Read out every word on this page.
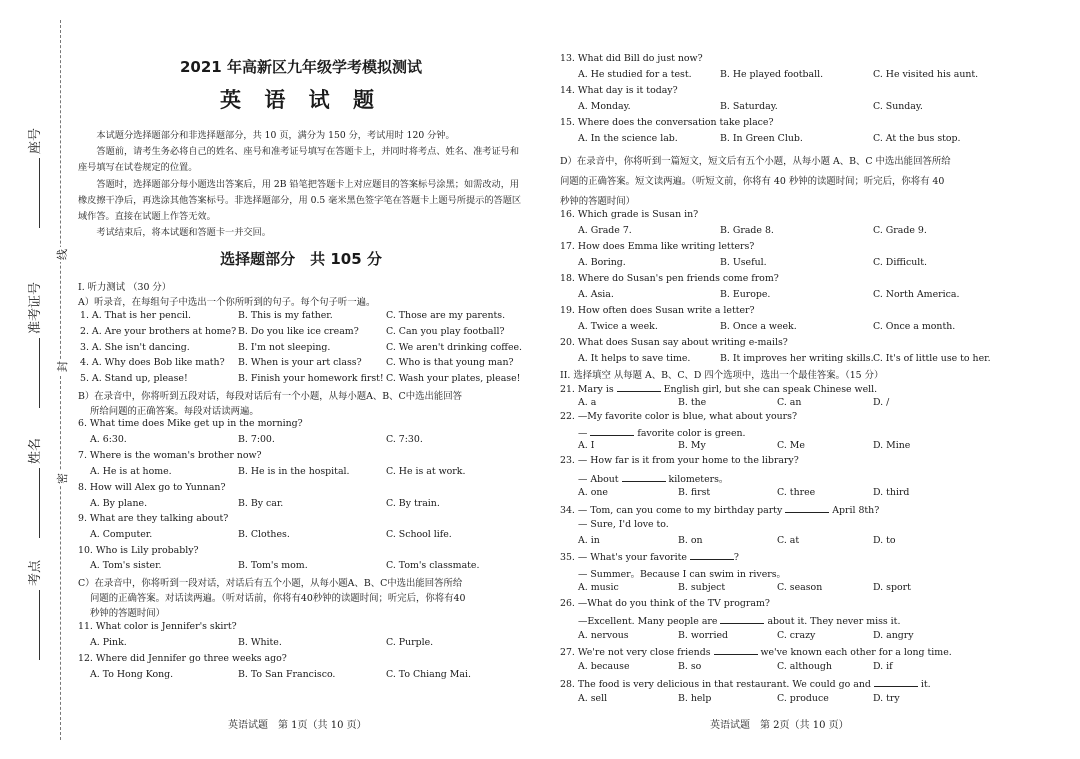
座号
准考证号
姓名
考点
线
封
密
2021 年高新区九年级学考模拟测试
英 语 试 题

本试题分选择题部分和非选择题部分，共 10 页，满分为 150 分，考试用时 120 分钟。

答题前，请考生务必将自己的姓名、座号和准考证号填写在答题卡上，并同时将考点、姓名、准考证号和座号填写在试卷规定的位置。

答题时，选择题部分每小题选出答案后，用 2B 铅笔把答题卡上对应题目的答案标号涂黑；如需改动，用橡皮擦干净后，再选涂其他答案标号。非选择题部分，用 0.5 毫米黑色签字笔在答题卡上题号所提示的答题区域作答。直接在试题上作答无效。

考试结束后，将本试题和答题卡一并交回。

选择题部分　共 105 分
I. 听力测试 （30 分）
A）听录音，在每组句子中选出一个你所听到的句子。每个句子听一遍。
1. A. That is her pencil.	B. This is my father.	C. Those are my parents.
2. A. Are your brothers at home? B. Do you like ice cream?	C. Can you play football?
3. A. She isn't dancing.	B. I'm not sleeping.	C. We aren't drinking coffee.
4. A. Why does Bob like math? B. When is your art class?	C. Who is that young man?
5. A. Stand up, please!	B. Finish your homework first! C. Wash your plates, please!
B）在录音中，你将听到五段对话，每段对话后有一个小题，从每小题A、B、C中选出能回答
所给问题的正确答案。每段对话读两遍。
6. What time does Mike get up in the morning?
A. 6:30.	B. 7:00.	C. 7:30.
7. Where is the woman's brother now?
A. He is at home.	B. He is in the hospital.	C. He is at work.
8. How will Alex go to Yunnan?
A. By plane.	B. By car.	C. By train.
9. What are they talking about?
A. Computer.	B. Clothes.	C. School life.
10. Who is Lily probably?
A. Tom's sister.	B. Tom's mom.	C. Tom's classmate.
C）在录音中，你将听到一段对话，对话后有五个小题，从每小题A、B、C中选出能回答所给
问题的正确答案。对话读两遍。（听对话前，你将有40秒钟的读题时间；听完后，你将有40
秒钟的答题时间）
11. What color is Jennifer's skirt?
A. Pink.	B. White.	C. Purple.
12. Where did Jennifer go three weeks ago?
A. To Hong Kong.	B. To San Francisco.	C. To Chiang Mai.
英语试题　第 1页（共 10 页）
13. What did Bill do just now?
A. He studied for a test.	B. He played football.	C. He visited his aunt.
14. What day is it today?
A. Monday.	B. Saturday.	C. Sunday.
15. Where does the conversation take place?
A. In the science lab.	B. In Green Club.	C. At the bus stop.
D）在录音中，你将听到一篇短文，短文后有五个小题，从每小题 A、B、C 中选出能回答所给
问题的正确答案。短文读两遍。（听短文前，你将有 40 秒钟的读题时间；听完后，你将有 40
秒钟的答题时间）
16. Which grade is Susan in?
A. Grade 7.	B. Grade 8.	C. Grade 9.
17. How does Emma like writing letters?
A. Boring.	B. Useful.	C. Difficult.
18. Where do Susan's pen friends come from?
A. Asia.	B. Europe.	C. North America.
19. How often does Susan write a letter?
A. Twice a week.	B. Once a week.	C. Once a month.
20. What does Susan say about writing e-mails?
A. It helps to save time.	B. It improves her writing skills. C. It's of little use to her.
II. 选择填空 从每题 A、B、C、D 四个选项中，选出一个最佳答案。（15 分）
21. Mary is	English girl, but she can speak Chinese well.
A. a	B. the	C. an	D. /
22. —My favorite color is blue, what about yours?
—	favorite color is green.
A. I	B. My	C. Me	D. Mine
23. — How far is it from your home to the library?
— About	kilometers。
A. one	B. first	C. three	D. third
34. — Tom, can you come to my birthday party	April 8th?
— Sure, I'd love to.
A. in	B. on	C. at	D. to
35. — What's your favorite	?
— Summer。Because I can swim in rivers。
A. music	B. subject	C. season	D. sport
26. —What do you think of the TV program?
—Excellent. Many people are	about it. They never miss it.
A. nervous	B. worried	C. crazy	D. angry
27. We're not very close friends	we've known each other for a long time.
A. because	B. so	C. although	D. if
28. The food is very delicious in that restaurant. We could go and	it.
A. sell	B. help	C. produce	D. try
英语试题　第 2页（共 10 页）
